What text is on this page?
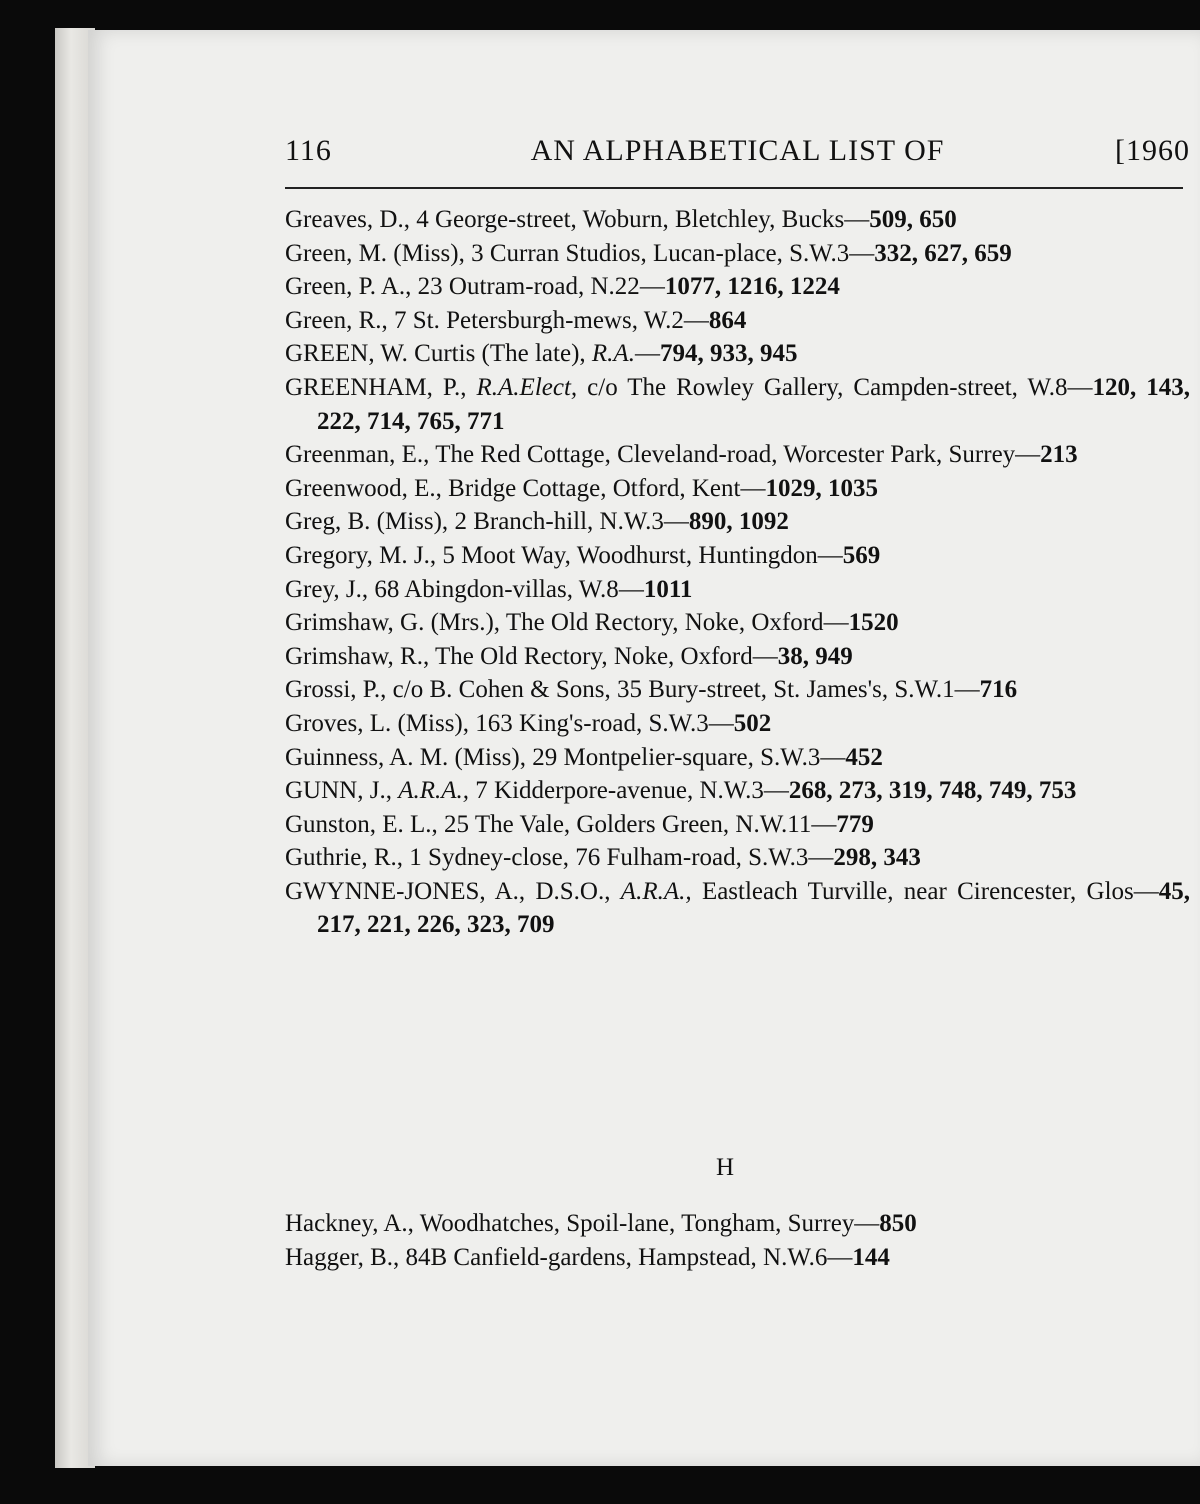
116	AN ALPHABETICAL LIST OF	[1960
Greaves, D., 4 George-street, Woburn, Bletchley, Bucks—509, 650
Green, M. (Miss), 3 Curran Studios, Lucan-place, S.W.3—332, 627, 659
Green, P. A., 23 Outram-road, N.22—1077, 1216, 1224
Green, R., 7 St. Petersburgh-mews, W.2—864
GREEN, W. Curtis (The late), R.A.—794, 933, 945
GREENHAM, P., R.A.Elect, c/o The Rowley Gallery, Campden-street, W.8—120, 143, 222, 714, 765, 771
Greenman, E., The Red Cottage, Cleveland-road, Worcester Park, Surrey—213
Greenwood, E., Bridge Cottage, Otford, Kent—1029, 1035
Greg, B. (Miss), 2 Branch-hill, N.W.3—890, 1092
Gregory, M. J., 5 Moot Way, Woodhurst, Huntingdon—569
Grey, J., 68 Abingdon-villas, W.8—1011
Grimshaw, G. (Mrs.), The Old Rectory, Noke, Oxford—1520
Grimshaw, R., The Old Rectory, Noke, Oxford—38, 949
Grossi, P., c/o B. Cohen & Sons, 35 Bury-street, St. James's, S.W.1—716
Groves, L. (Miss), 163 King's-road, S.W.3—502
Guinness, A. M. (Miss), 29 Montpelier-square, S.W.3—452
GUNN, J., A.R.A., 7 Kidderpore-avenue, N.W.3—268, 273, 319, 748, 749, 753
Gunston, E. L., 25 The Vale, Golders Green, N.W.11—779
Guthrie, R., 1 Sydney-close, 76 Fulham-road, S.W.3—298, 343
GWYNNE-JONES, A., D.S.O., A.R.A., Eastleach Turville, near Cirencester, Glos—45, 217, 221, 226, 323, 709
H
Hackney, A., Woodhatches, Spoil-lane, Tongham, Surrey—850
Hagger, B., 84B Canfield-gardens, Hampstead, N.W.6—144
